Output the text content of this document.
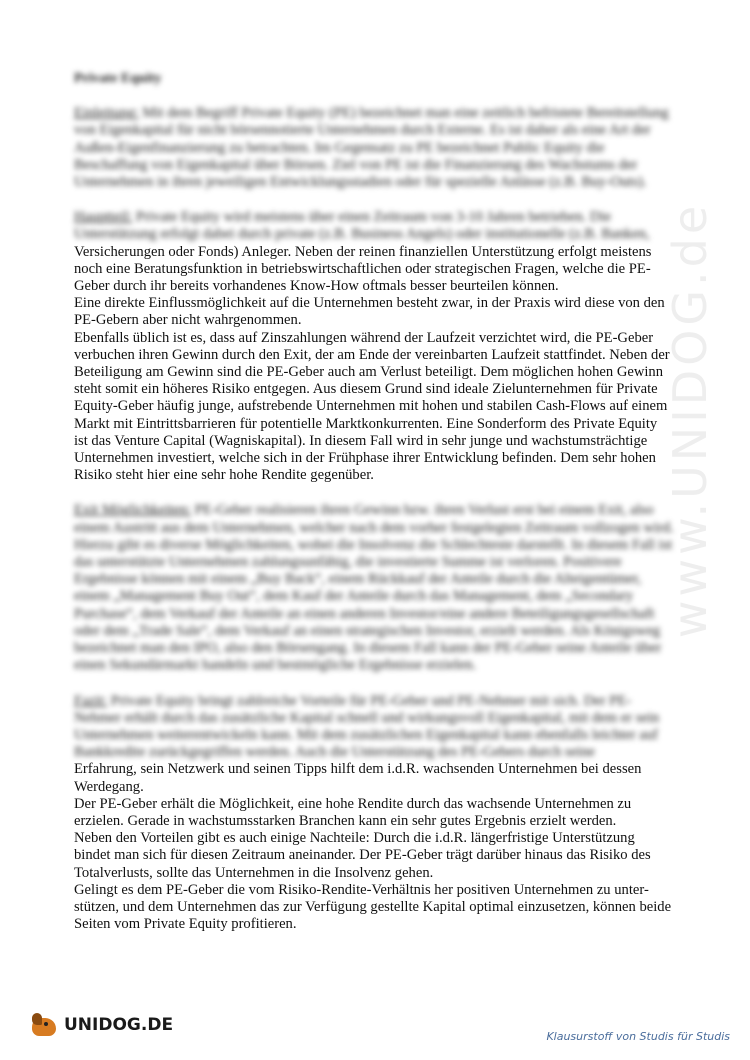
www.UNIDOG.de

Private Equity

Einleitung: Mit dem Begriff Private Equity (PE) bezeichnet man eine zeitlich befristete Bereitstellung von Eigenkapital für nicht börsennotierte Unternehmen durch Externe. Es ist daher als eine Art der Außen-Eigenfinanzierung zu betrachten. Im Gegensatz zu PE bezeichnet Public Equity die Beschaffung von Eigenkapital über Börsen. Ziel von PE ist die Finanzierung des Wachstums der Unternehmen in ihren jeweiligen Entwicklungsstadien oder für spezielle Anlässe (z.B. Buy-Outs).

Hauptteil: Private Equity wird meistens über einen Zeitraum von 3-10 Jahren betrieben. Die Unterstützung erfolgt dabei durch private (z.B. Business Angels) oder institutionelle (z.B. Banken,

Versicherungen oder Fonds) Anleger. Neben der reinen finanziellen Unterstützung erfolgt meistens noch eine Beratungsfunktion in betriebswirtschaftlichen oder strategischen Fragen, welche die PE-Geber durch ihr bereits vorhandenes Know-How oftmals besser beurteilen können.

Eine direkte Einflussmöglichkeit auf die Unternehmen besteht zwar, in der Praxis wird diese von den PE-Gebern aber nicht wahrgenommen.

Ebenfalls üblich ist es, dass auf Zinszahlungen während der Laufzeit verzichtet wird, die PE-Geber verbuchen ihren Gewinn durch den Exit, der am Ende der vereinbarten Laufzeit stattfindet. Neben der Beteiligung am Gewinn sind die PE-Geber auch am Verlust beteiligt. Dem möglichen hohen Gewinn steht somit ein höheres Risiko entgegen. Aus diesem Grund sind ideale Zielunternehmen für Private Equity-Geber häufig junge, aufstrebende Unternehmen mit hohen und stabilen Cash-Flows auf einem Markt mit Eintrittsbarrieren für potentielle Marktkonkurrenten. Eine Sonderform des Private Equity ist das Venture Capital (Wagniskapital). In diesem Fall wird in sehr junge und wachstumsträchtige Unternehmen investiert, welche sich in der Frühphase ihrer Entwicklung befinden. Dem sehr hohen Risiko steht hier eine sehr hohe Rendite gegenüber.

Exit Möglichkeiten: PE-Geber realisieren ihren Gewinn bzw. ihren Verlust erst bei einem Exit, also einem Austritt aus dem Unternehmen, welcher nach dem vorher festgelegten Zeitraum vollzogen wird. Hierzu gibt es diverse Möglichkeiten, wobei die Insolvenz die Schlechteste darstellt. In diesem Fall ist das unterstützte Unternehmen zahlungsunfähig, die investierte Summe ist verloren. Positivere Ergebnisse können mit einem „Buy Back“, einem Rückkauf der Anteile durch die Alteigentümer, einem „Management Buy Out“, dem Kauf der Anteile durch das Management, dem „Secondary Purchase“, dem Verkauf der Anteile an einen anderen Investor/eine andere Beteiligungsgesellschaft oder dem „Trade Sale“, dem Verkauf an einen strategischen Investor, erzielt werden. Als Königsweg bezeichnet man den IPO, also den Börsengang. In diesem Fall kann der PE-Geber seine Anteile über einen Sekundärmarkt handeln und bestmögliche Ergebnisse erzielen.

Fazit: Private Equity bringt zahlreiche Vorteile für PE-Geber und PE-Nehmer mit sich. Der PE-Nehmer erhält durch das zusätzliche Kapital schnell und wirkungsvoll Eigenkapital, mit dem er sein Unternehmen weiterentwickeln kann. Mit dem zusätzlichen Eigenkapital kann ebenfalls leichter auf Bankkredite zurückgegriffen werden. Auch die Unterstützung des PE-Gebers durch seine

Erfahrung, sein Netzwerk und seinen Tipps hilft dem i.d.R. wachsenden Unternehmen bei dessen Werdegang.

Der PE-Geber erhält die Möglichkeit, eine hohe Rendite durch das wachsende Unternehmen zu erzielen. Gerade in wachstumsstarken Branchen kann ein sehr gutes Ergebnis erzielt werden.

Neben den Vorteilen gibt es auch einige Nachteile: Durch die i.d.R. längerfristige Unterstützung bindet man sich für diesen Zeitraum aneinander. Der PE-Geber trägt darüber hinaus das Risiko des Totalverlusts, sollte das Unternehmen in die Insolvenz gehen.

Gelingt es dem PE-Geber die vom Risiko-Rendite-Verhältnis her positiven Unternehmen zu unter-stützen, und dem Unternehmen das zur Verfügung gestellte Kapital optimal einzusetzen, können beide Seiten vom Private Equity profitieren.

UNIDOG.DE
Klausurstoff von Studis für Studis
